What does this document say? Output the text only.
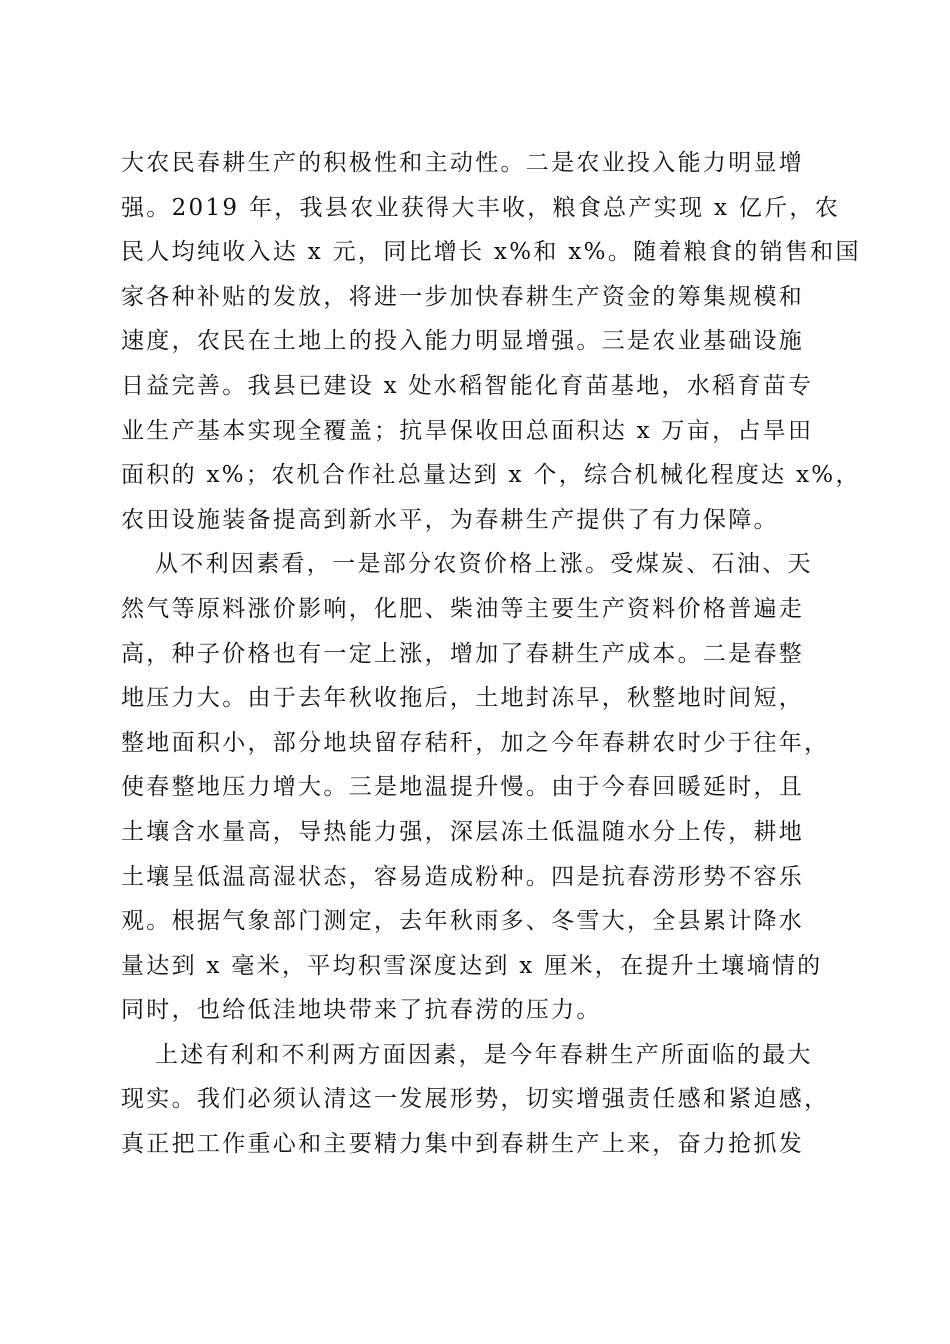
大农民春耕生产的积极性和主动性。二是农业投入能力明显增
强。2019 年，我县农业获得大丰收，粮食总产实现 x 亿斤，农
民人均纯收入达 x 元，同比增长 x%和 x%。随着粮食的销售和国
家各种补贴的发放，将进一步加快春耕生产资金的筹集规模和
速度，农民在土地上的投入能力明显增强。三是农业基础设施
日益完善。我县已建设 x 处水稻智能化育苗基地，水稻育苗专
业生产基本实现全覆盖；抗旱保收田总面积达 x 万亩，占旱田
面积的 x%；农机合作社总量达到 x 个，综合机械化程度达 x%，
农田设施装备提高到新水平，为春耕生产提供了有力保障。
从不利因素看，一是部分农资价格上涨。受煤炭、石油、天
然气等原料涨价影响，化肥、柴油等主要生产资料价格普遍走
高，种子价格也有一定上涨，增加了春耕生产成本。二是春整
地压力大。由于去年秋收拖后，土地封冻早，秋整地时间短，
整地面积小，部分地块留存秸秆，加之今年春耕农时少于往年，
使春整地压力增大。三是地温提升慢。由于今春回暖延时，且
土壤含水量高，导热能力强，深层冻土低温随水分上传，耕地
土壤呈低温高湿状态，容易造成粉种。四是抗春涝形势不容乐
观。根据气象部门测定，去年秋雨多、冬雪大，全县累计降水
量达到 x 毫米，平均积雪深度达到 x 厘米，在提升土壤墒情的
同时，也给低洼地块带来了抗春涝的压力。
上述有利和不利两方面因素，是今年春耕生产所面临的最大
现实。我们必须认清这一发展形势，切实增强责任感和紧迫感，
真正把工作重心和主要精力集中到春耕生产上来，奋力抢抓发
